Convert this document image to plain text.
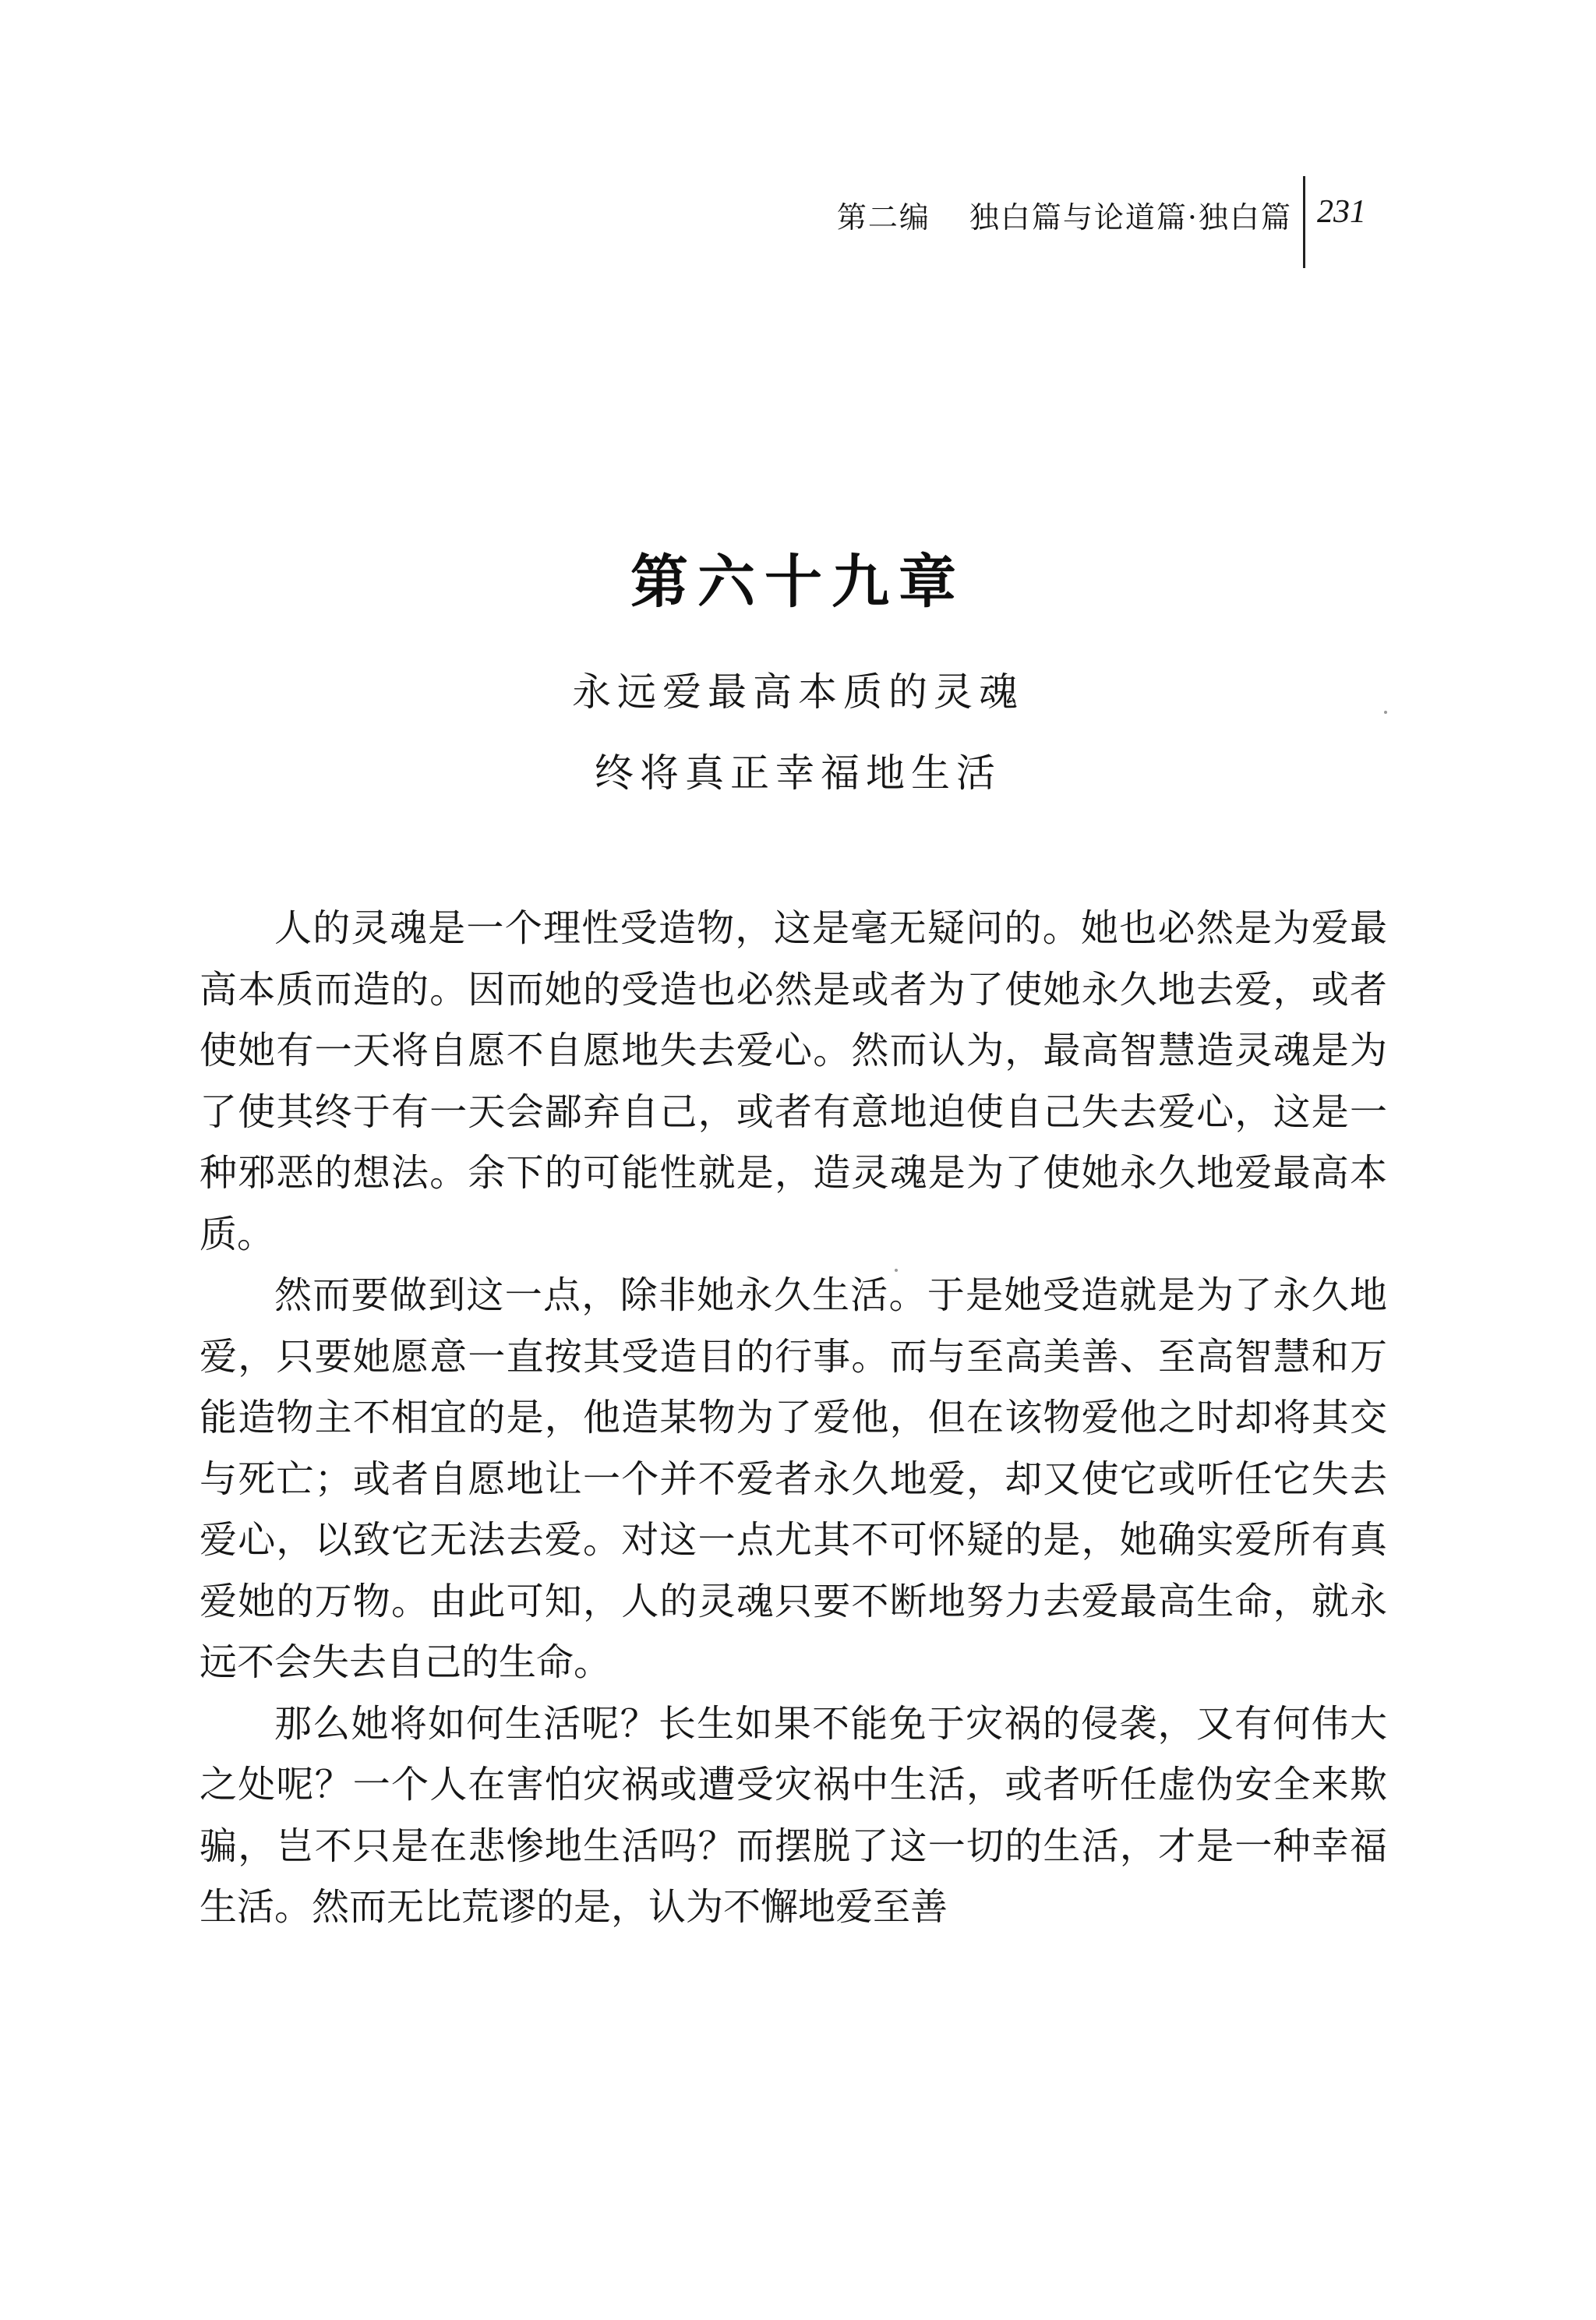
第二编 独白篇与论道篇·独白篇 231
第六十九章
永远爱最高本质的灵魂
终将真正幸福地生活

人的灵魂是一个理性受造物，这是毫无疑问的。她也必然是为爱最高本质而造的。因而她的受造也必然是或者为了使她永久地去爱，或者使她有一天将自愿不自愿地失去爱心。然而认为，最高智慧造灵魂是为了使其终于有一天会鄙弃自己，或者有意地迫使自己失去爱心，这是一种邪恶的想法。余下的可能性就是，造灵魂是为了使她永久地爱最高本质。

然而要做到这一点，除非她永久生活。于是她受造就是为了永久地爱，只要她愿意一直按其受造目的行事。而与至高美善、至高智慧和万能造物主不相宜的是，他造某物为了爱他，但在该物爱他之时却将其交与死亡；或者自愿地让一个并不爱者永久地爱，却又使它或听任它失去爱心，以致它无法去爱。对这一点尤其不可怀疑的是，她确实爱所有真爱她的万物。由此可知，人的灵魂只要不断地努力去爱最高生命，就永远不会失去自己的生命。

那么她将如何生活呢？长生如果不能免于灾祸的侵袭，又有何伟大之处呢？一个人在害怕灾祸或遭受灾祸中生活，或者听任虚伪安全来欺骗，岂不只是在悲惨地生活吗？而摆脱了这一切的生活，才是一种幸福生活。然而无比荒谬的是，认为不懈地爱至善
